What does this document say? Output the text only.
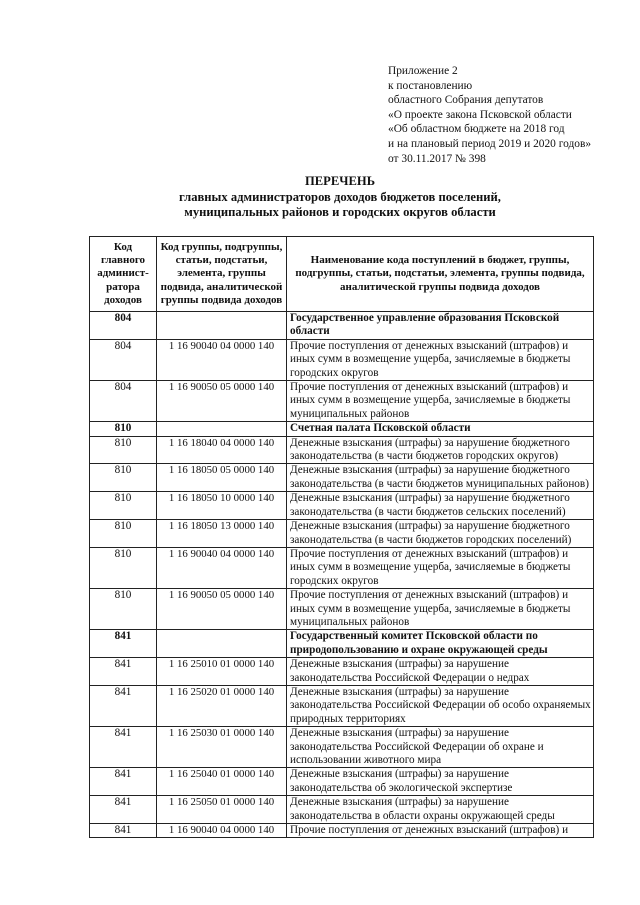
Приложение 2
к постановлению
областного Собрания депутатов
«О проекте закона Псковской области
«Об областном бюджете на 2018 год
и на плановый период 2019 и 2020 годов»
от 30.11.2017 № 398
ПЕРЕЧЕНЬ
главных администраторов доходов бюджетов поселений,
муниципальных районов и городских округов области
Код главного админист-ратора доходов	Код группы, подгруппы, статьи, подстатьи, элемента, группы подвида, аналитической группы подвида доходов	Наименование кода поступлений в бюджет, группы, подгруппы, статьи, подстатьи, элемента, группы подвида, аналитической группы подвида доходов
804		Государственное управление образования Псковской области
804	1 16 90040 04 0000 140	Прочие поступления от денежных взысканий (штрафов) и иных сумм в возмещение ущерба, зачисляемые в бюджеты городских округов
804	1 16 90050 05 0000 140	Прочие поступления от денежных взысканий (штрафов) и иных сумм в возмещение ущерба, зачисляемые в бюджеты муниципальных районов
810		Счетная палата Псковской области
810	1 16 18040 04 0000 140	Денежные взыскания (штрафы) за нарушение бюджетного законодательства (в части бюджетов городских округов)
810	1 16 18050 05 0000 140	Денежные взыскания (штрафы) за нарушение бюджетного законодательства (в части бюджетов муниципальных районов)
810	1 16 18050 10 0000 140	Денежные взыскания (штрафы) за нарушение бюджетного законодательства (в части бюджетов сельских поселений)
810	1 16 18050 13 0000 140	Денежные взыскания (штрафы) за нарушение бюджетного законодательства (в части бюджетов городских поселений)
810	1 16 90040 04 0000 140	Прочие поступления от денежных взысканий (штрафов) и иных сумм в возмещение ущерба, зачисляемые в бюджеты городских округов
810	1 16 90050 05 0000 140	Прочие поступления от денежных взысканий (штрафов) и иных сумм в возмещение ущерба, зачисляемые в бюджеты муниципальных районов
841		Государственный комитет Псковской области по природопользованию и охране окружающей среды
841	1 16 25010 01 0000 140	Денежные взыскания (штрафы) за нарушение законодательства Российской Федерации о недрах
841	1 16 25020 01 0000 140	Денежные взыскания (штрафы) за нарушение законодательства Российской Федерации об особо охраняемых природных территориях
841	1 16 25030 01 0000 140	Денежные взыскания (штрафы) за нарушение законодательства Российской Федерации об охране и использовании животного мира
841	1 16 25040 01 0000 140	Денежные взыскания (штрафы) за нарушение законодательства об экологической экспертизе
841	1 16 25050 01 0000 140	Денежные взыскания (штрафы) за нарушение законодательства в области охраны окружающей среды
841	1 16 90040 04 0000 140	Прочие поступления от денежных взысканий (штрафов) и
